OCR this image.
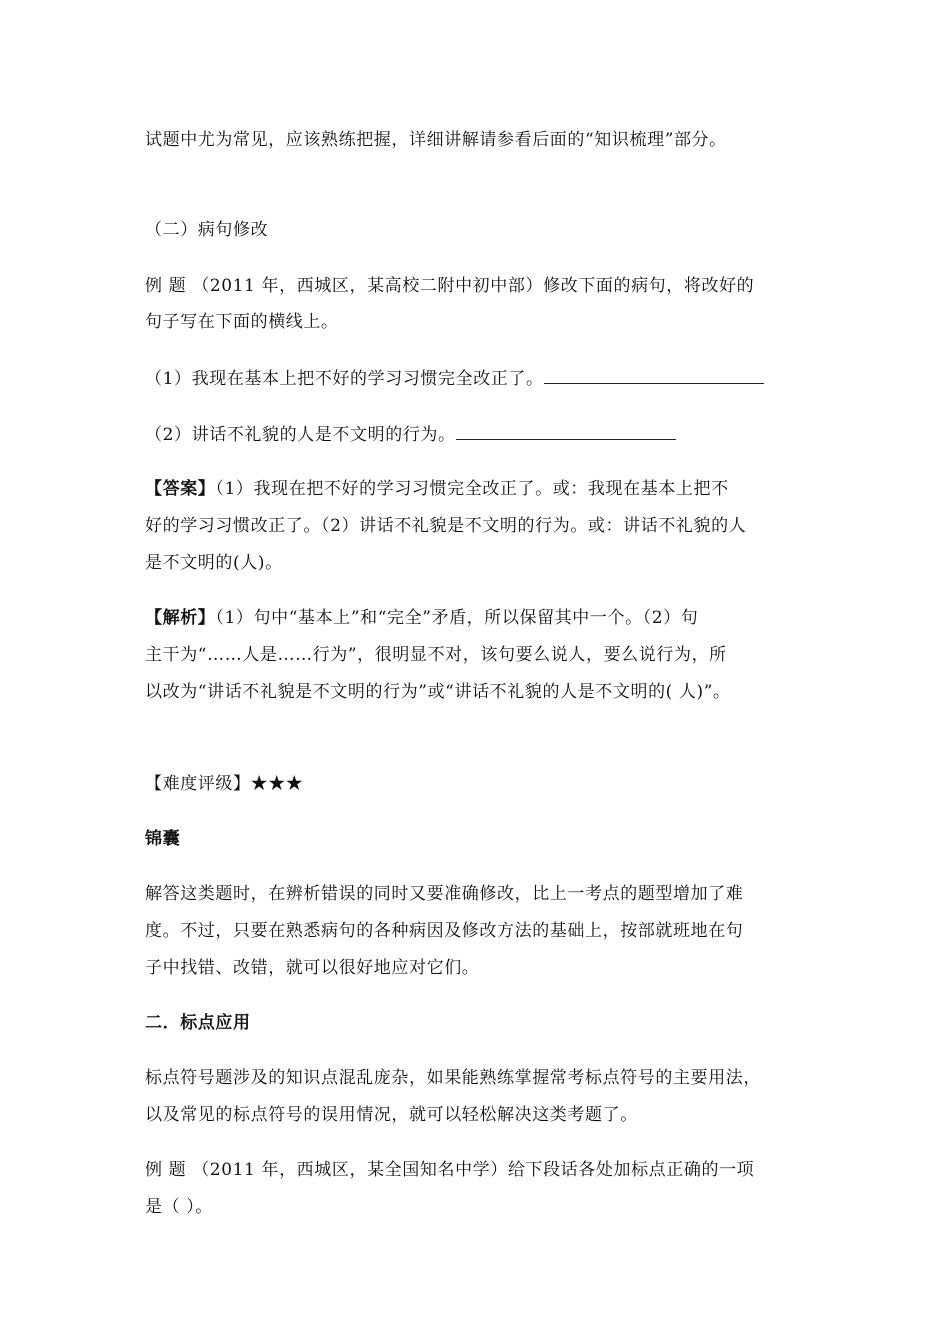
试题中尤为常见，应该熟练把握，详细讲解请参看后面的“知识梳理”部分。
（二）病句修改
例 题 （2011 年，西城区，某高校二附中初中部）修改下面的病句，将改好的
句子写在下面的横线上。
（1）我现在基本上把不好的学习习惯完全改正了。
（2）讲话不礼貌的人是不文明的行为。
【答案】（1）我现在把不好的学习习惯完全改正了。或：我现在基本上把不
好的学习习惯改正了。（2）讲话不礼貌是不文明的行为。或：讲话不礼貌的人
是不文明的(人)。
【解析】（1）句中“基本上”和“完全”矛盾，所以保留其中一个。（2）句
主干为“……人是……行为”，很明显不对，该句要么说人，要么说行为，所
以改为“讲话不礼貌是不文明的行为”或“讲话不礼貌的人是不文明的( 人)”。
【难度评级】★★★
锦囊
解答这类题时，在辨析错误的同时又要准确修改，比上一考点的题型增加了难
度。不过，只要在熟悉病句的各种病因及修改方法的基础上，按部就班地在句
子中找错、改错，就可以很好地应对它们。
二．标点应用
标点符号题涉及的知识点混乱庞杂，如果能熟练掌握常考标点符号的主要用法，
以及常见的标点符号的误用情况，就可以轻松解决这类考题了。
例 题 （2011 年，西城区，某全国知名中学）给下段话各处加标点正确的一项
是（ ）。
